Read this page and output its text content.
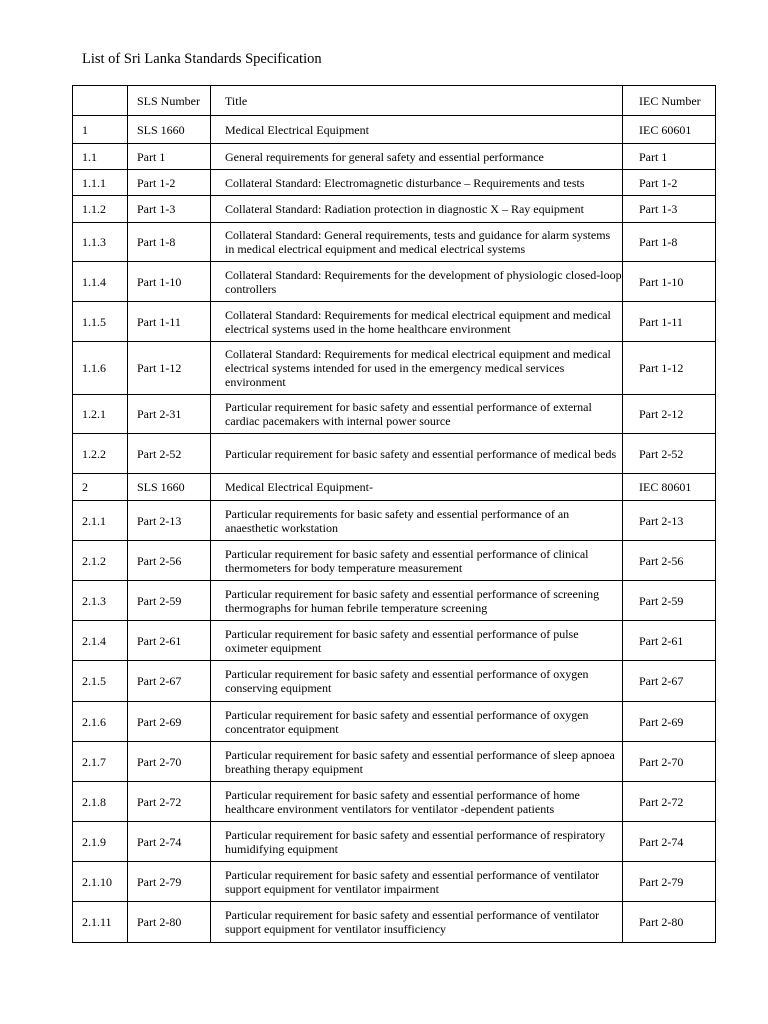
List of Sri Lanka Standards Specification
	SLS Number	Title	IEC Number
1	SLS 1660	Medical Electrical Equipment	IEC 60601
1.1	Part 1	General requirements for general safety and essential performance	Part 1
1.1.1	Part 1-2	Collateral Standard: Electromagnetic disturbance – Requirements and tests	Part 1-2
1.1.2	Part 1-3	Collateral Standard: Radiation protection in diagnostic X – Ray equipment	Part 1-3
1.1.3	Part 1-8	Collateral Standard: General requirements, tests and guidance for alarm systems in medical electrical equipment and medical electrical systems	Part 1-8
1.1.4	Part 1-10	Collateral Standard: Requirements for the development of physiologic closed-loop controllers	Part 1-10
1.1.5	Part 1-11	Collateral Standard: Requirements for medical electrical equipment and medical electrical systems used in the home healthcare environment	Part 1-11
1.1.6	Part 1-12	Collateral Standard: Requirements for medical electrical equipment and medical electrical systems intended for used in the emergency medical services environment	Part 1-12
1.2.1	Part 2-31	Particular requirement for basic safety and essential performance of external cardiac pacemakers with internal power source	Part 2-12
1.2.2	Part 2-52	Particular requirement for basic safety and essential performance of medical beds	Part 2-52
2	SLS 1660	Medical Electrical Equipment-	IEC 80601
2.1.1	Part 2-13	Particular requirements for basic safety and essential performance of an anaesthetic workstation	Part 2-13
2.1.2	Part 2-56	Particular requirement for basic safety and essential performance of clinical thermometers for body temperature measurement	Part 2-56
2.1.3	Part 2-59	Particular requirement for basic safety and essential performance of screening thermographs for human febrile temperature screening	Part 2-59
2.1.4	Part 2-61	Particular requirement for basic safety and essential performance of pulse oximeter equipment	Part 2-61
2.1.5	Part 2-67	Particular requirement for basic safety and essential performance of oxygen conserving equipment	Part 2-67
2.1.6	Part 2-69	Particular requirement for basic safety and essential performance of oxygen concentrator equipment	Part 2-69
2.1.7	Part 2-70	Particular requirement for basic safety and essential performance of sleep apnoea breathing therapy equipment	Part 2-70
2.1.8	Part 2-72	Particular requirement for basic safety and essential performance of home healthcare environment ventilators for ventilator -dependent patients	Part 2-72
2.1.9	Part 2-74	Particular requirement for basic safety and essential performance of respiratory humidifying equipment	Part 2-74
2.1.10	Part 2-79	Particular requirement for basic safety and essential performance of ventilator support equipment for ventilator impairment	Part 2-79
2.1.11	Part 2-80	Particular requirement for basic safety and essential performance of ventilator support equipment for ventilator insufficiency	Part 2-80
